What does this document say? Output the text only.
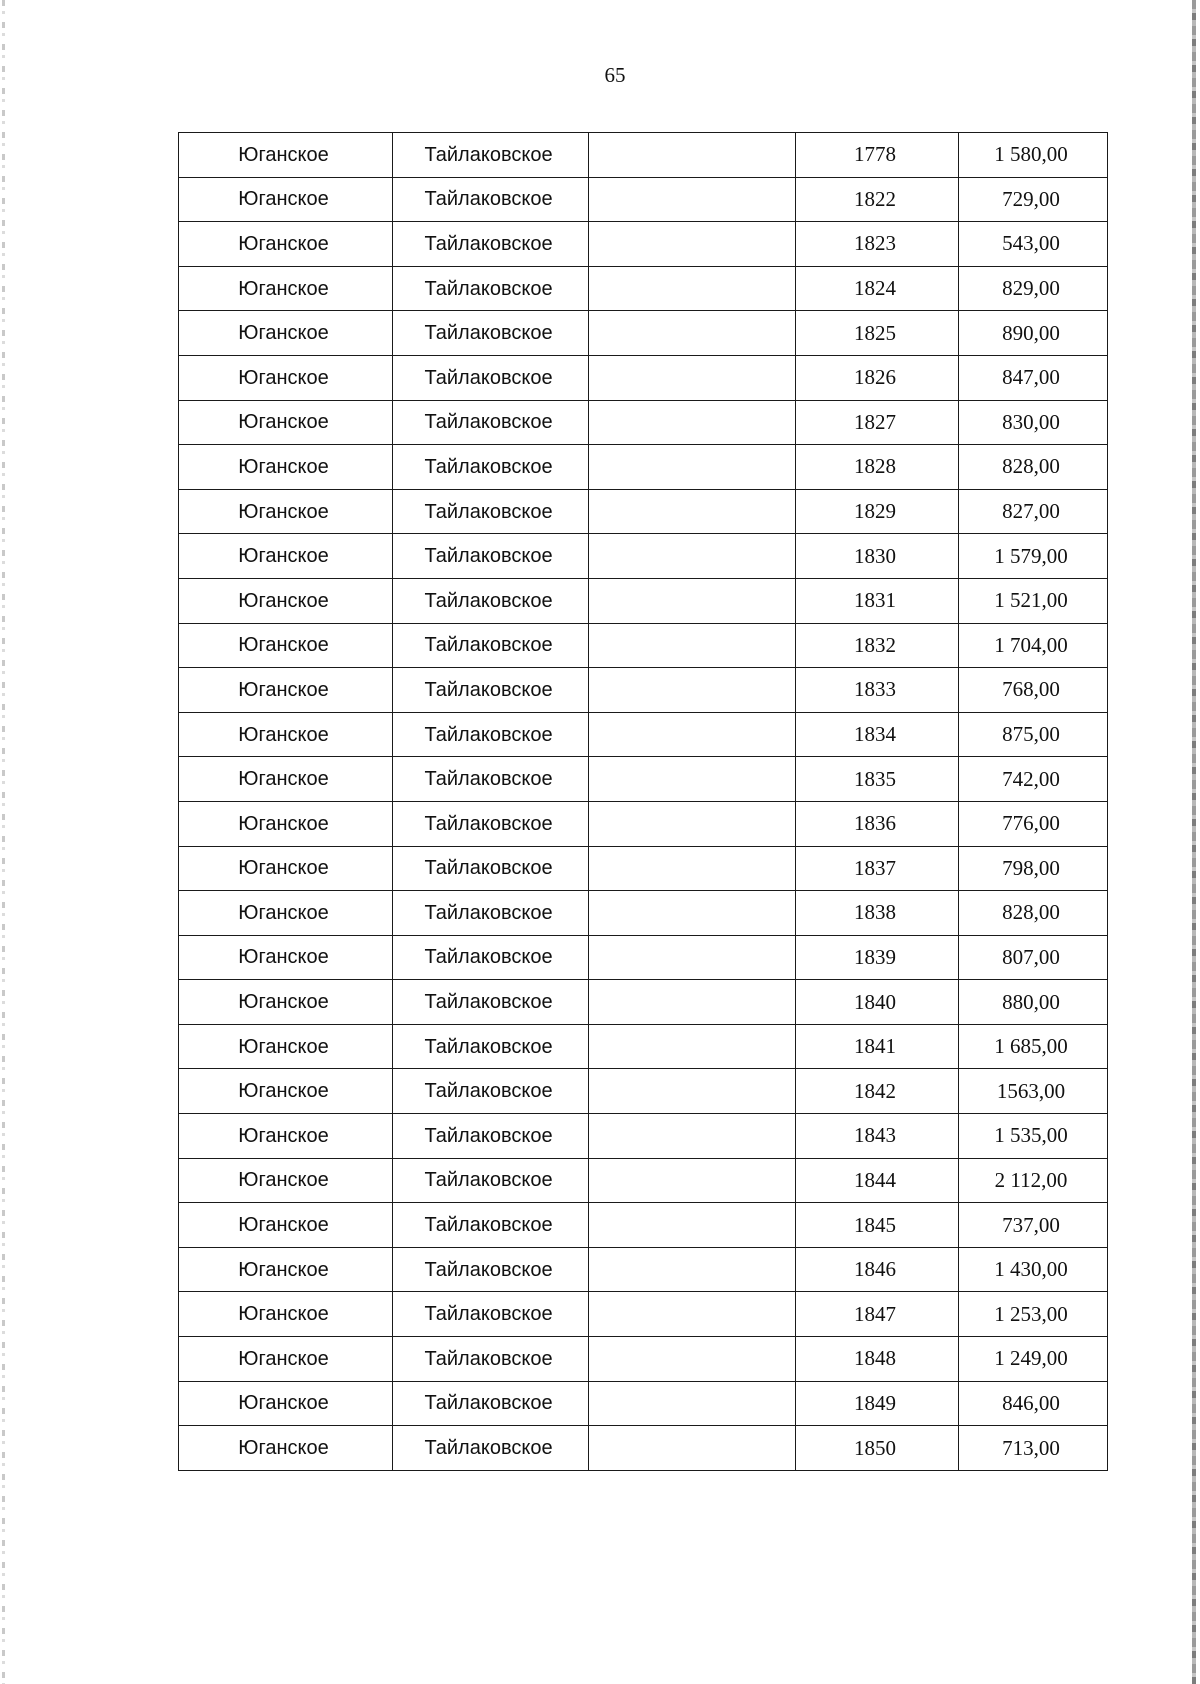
65
Юганское	Тайлаковское		1778	1 580,00
Юганское	Тайлаковское		1822	729,00
Юганское	Тайлаковское		1823	543,00
Юганское	Тайлаковское		1824	829,00
Юганское	Тайлаковское		1825	890,00
Юганское	Тайлаковское		1826	847,00
Юганское	Тайлаковское		1827	830,00
Юганское	Тайлаковское		1828	828,00
Юганское	Тайлаковское		1829	827,00
Юганское	Тайлаковское		1830	1 579,00
Юганское	Тайлаковское		1831	1 521,00
Юганское	Тайлаковское		1832	1 704,00
Юганское	Тайлаковское		1833	768,00
Юганское	Тайлаковское		1834	875,00
Юганское	Тайлаковское		1835	742,00
Юганское	Тайлаковское		1836	776,00
Юганское	Тайлаковское		1837	798,00
Юганское	Тайлаковское		1838	828,00
Юганское	Тайлаковское		1839	807,00
Юганское	Тайлаковское		1840	880,00
Юганское	Тайлаковское		1841	1 685,00
Юганское	Тайлаковское		1842	1563,00
Юганское	Тайлаковское		1843	1 535,00
Юганское	Тайлаковское		1844	2 112,00
Юганское	Тайлаковское		1845	737,00
Юганское	Тайлаковское		1846	1 430,00
Юганское	Тайлаковское		1847	1 253,00
Юганское	Тайлаковское		1848	1 249,00
Юганское	Тайлаковское		1849	846,00
Юганское	Тайлаковское		1850	713,00
